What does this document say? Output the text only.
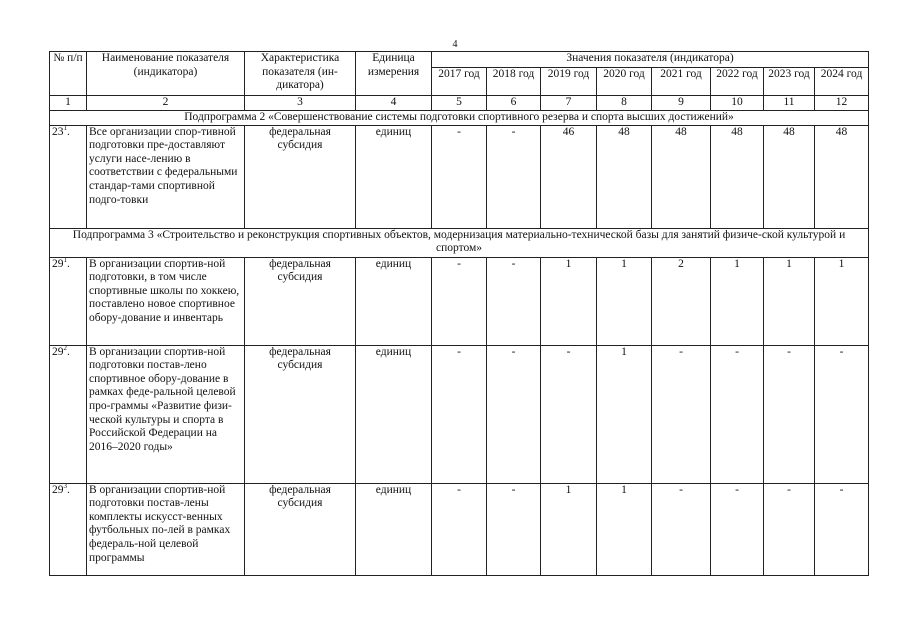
4
№ п/п	Наименование показателя (индикатора)	Характеристика показателя (ин-дикатора)	Единица измерения	Значения показателя (индикатора)							
				2017 год	2018 год	2019 год	2020 год	2021 год	2022 год	2023 год	2024 год
1	2	3	4	5	6	7	8	9	10	11	12
Подпрограмма 2 «Совершенствование системы подготовки спортивного резерва и спорта высших достижений»											
$23^1$.	Все организации спор-тивной подготовки пре-доставляют услуги насе-лению в соответствии с федеральными стандар-тами спортивной подго-товки	федеральная субсидия	единиц	-	-	46	48	48	48	48	48
Подпрограмма 3 «Строительство и реконструкция спортивных объектов, модернизация материально-технической базы для занятий физиче-ской культурой и спортом»											
$29^1$.	В организации спортив-ной подготовки, в том числе спортивные школы по хоккею, поставлено новое спортивное обору-дование и инвентарь	федеральная субсидия	единиц	-	-	1	1	2	1	1	1
$29^2$.	В организации спортив-ной подготовки постав-лено спортивное обору-дование в рамках феде-ральной целевой про-граммы «Развитие физи-ческой культуры и спорта в Российской Федерации на 2016–2020 годы»	федеральная субсидия	единиц	-	-	-	1	-	-	-	-
$29^3$.	В организации спортив-ной подготовки постав-лены комплекты искусст-венных футбольных по-лей в рамках федераль-ной целевой программы	федеральная субсидия	единиц	-	-	1	1	-	-	-	-
